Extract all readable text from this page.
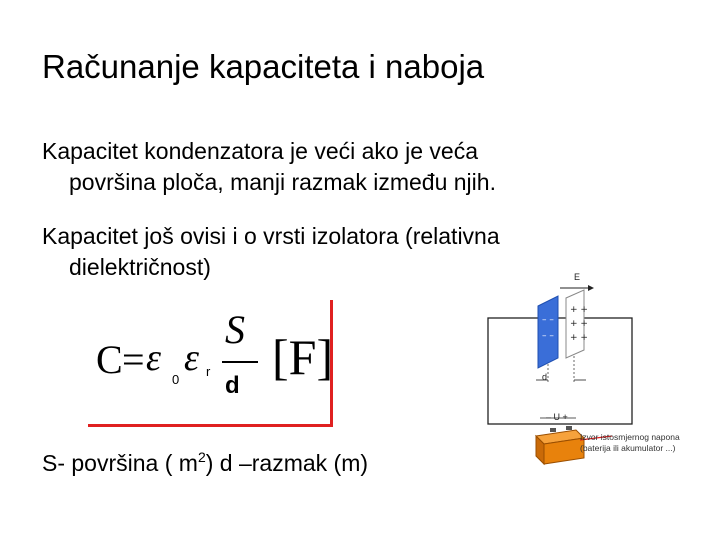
Računanje kapaciteta i naboja
Kapacitet kondenzatora je veći ako je veća
površina ploča, manji razmak između njih.
Kapacitet još ovisi i o vrsti izolatora (relativna
dielektričnost)
C = ε
0
ε r
S
d
[F]
S- površina ( $m^2$) d –razmak (m)
+ +
+ +
+ +
– –
– –
E
d
– U +
Izvor istosmjernog napona
(baterija ili akumulator ...)
